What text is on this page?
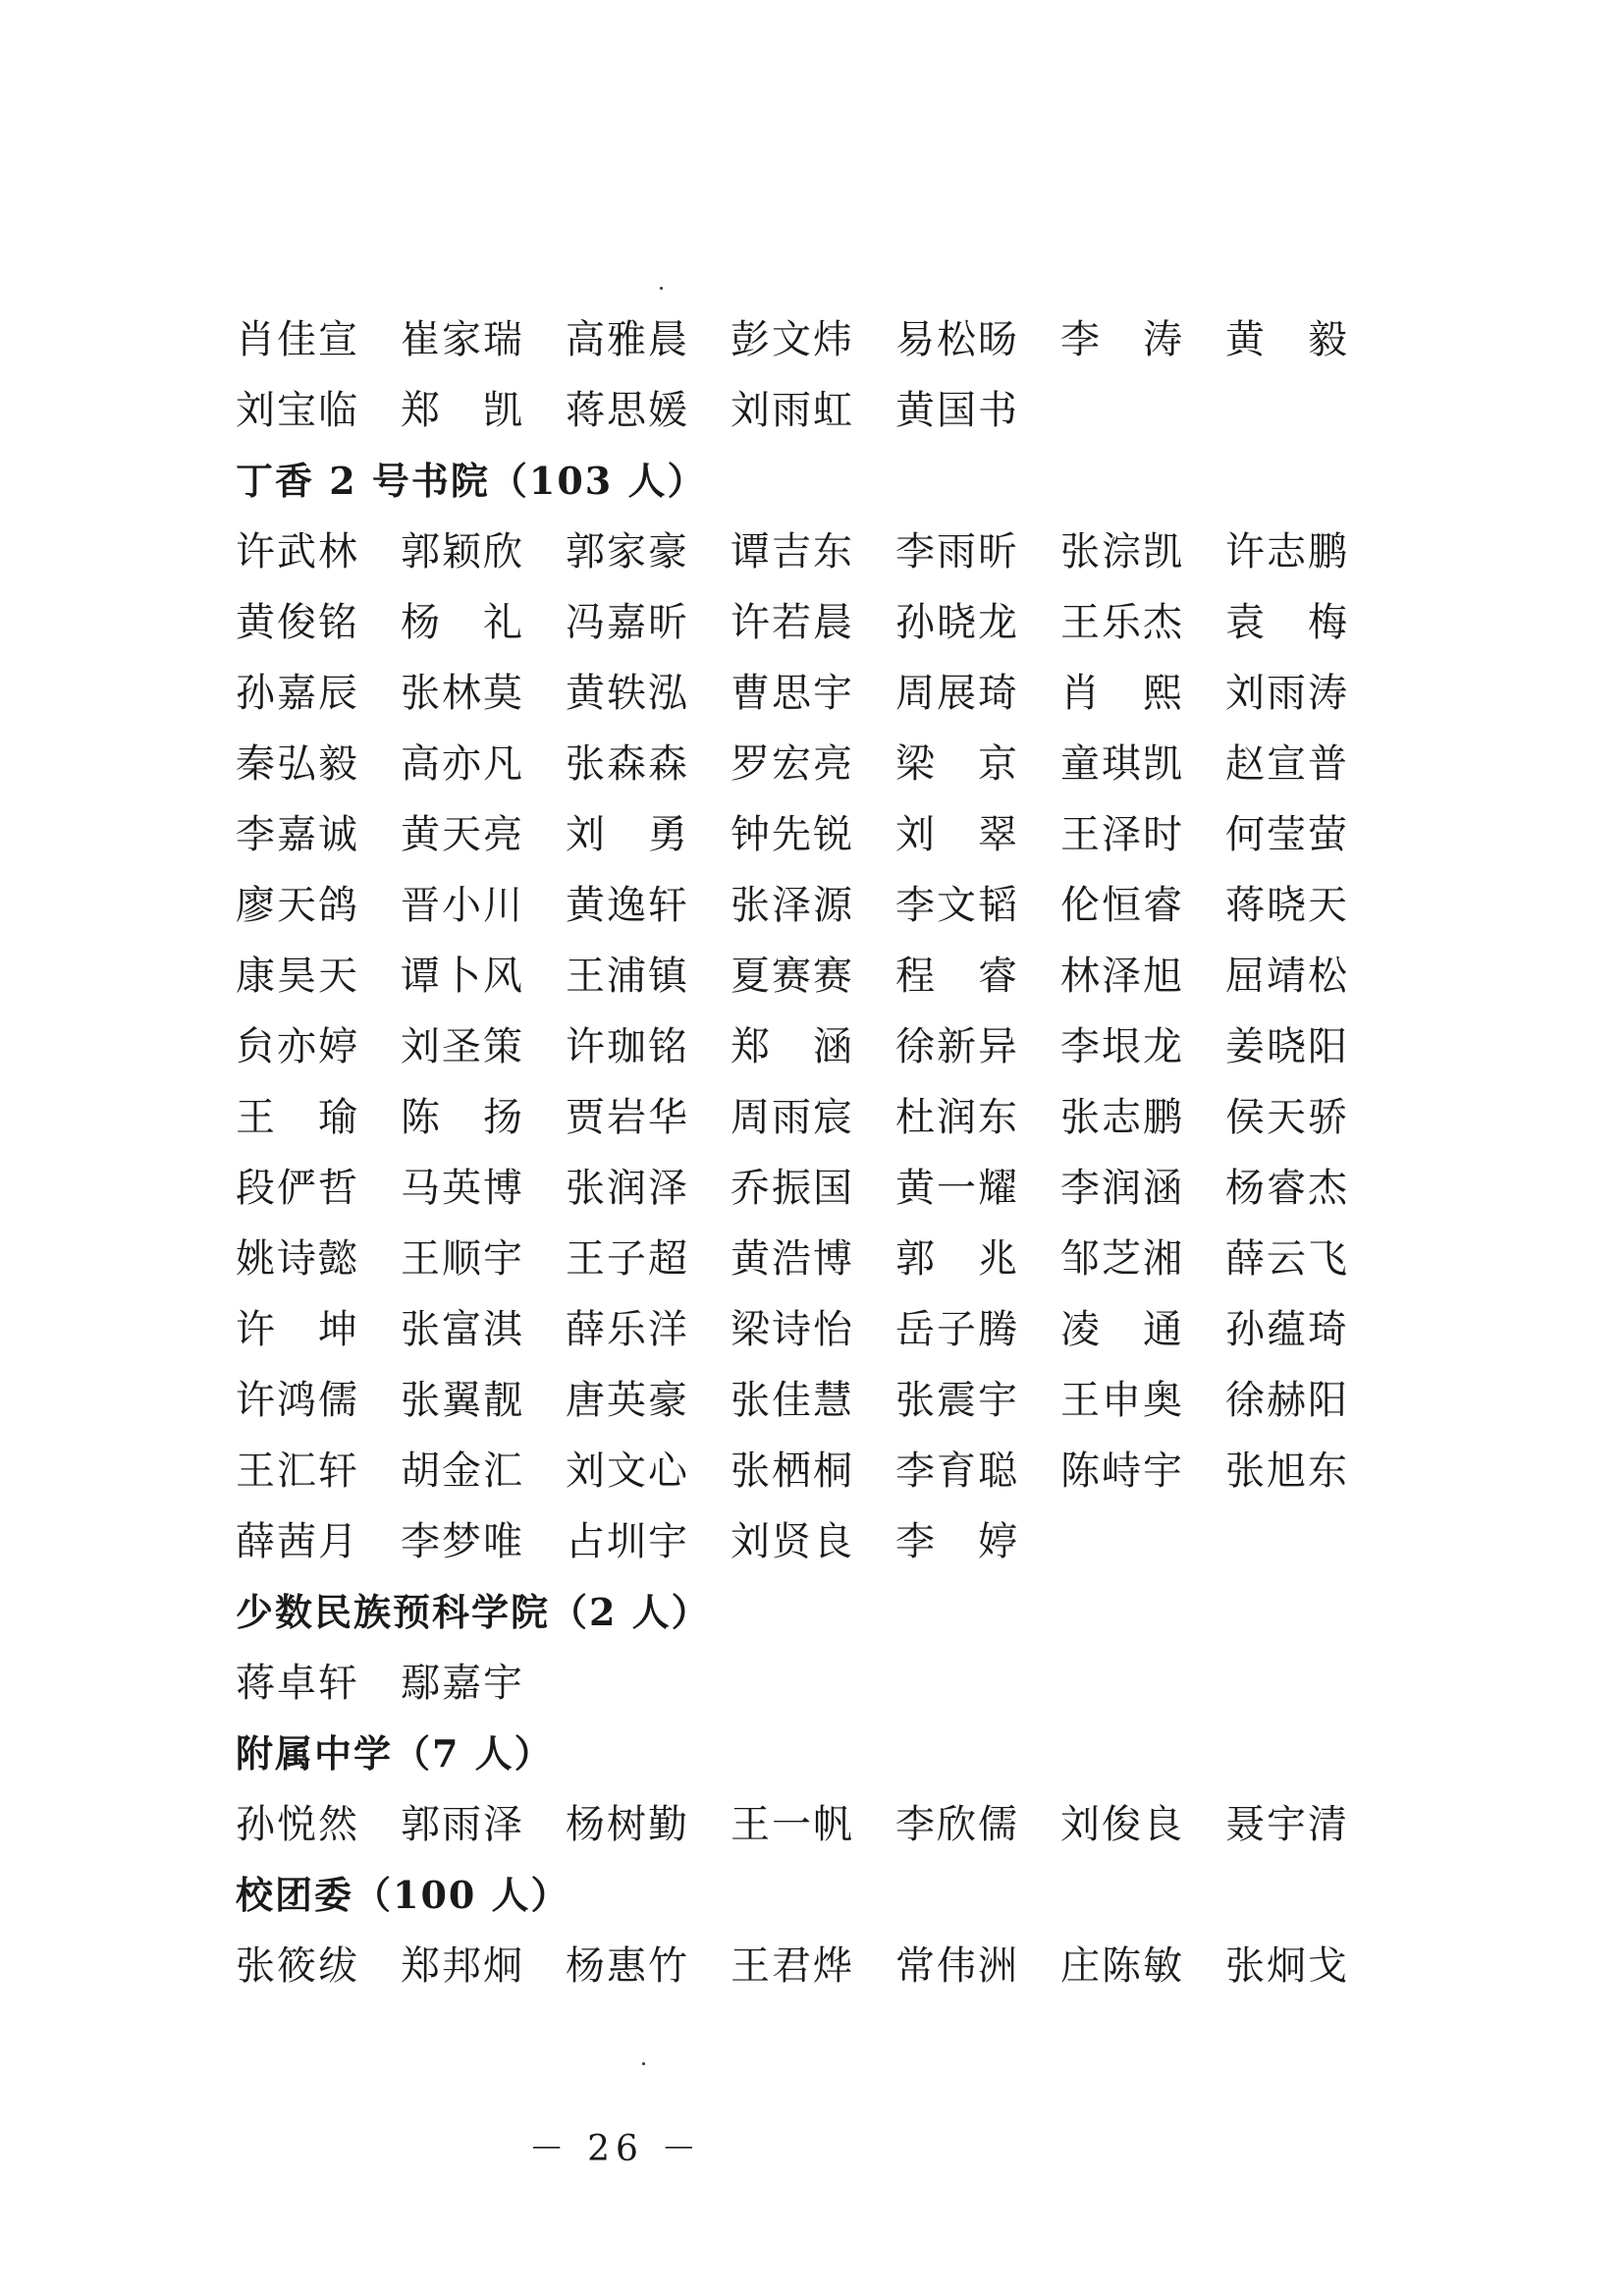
肖佳宣	崔家瑞	高雅晨	彭文炜	易松旸	李　涛	黄　毅
刘宝临	郑　凯	蒋思媛	刘雨虹	黄国书
丁香 2 号书院（103 人）
许武林	郭颖欣	郭家豪	谭吉东	李雨昕	张淙凯	许志鹏
黄俊铭	杨　礼	冯嘉昕	许若晨	孙晓龙	王乐杰	袁　梅
孙嘉辰	张林莫	黄轶泓	曹思宇	周展琦	肖　熙	刘雨涛
秦弘毅	高亦凡	张森森	罗宏亮	梁　京	童琪凯	赵宣普
李嘉诚	黄天亮	刘　勇	钟先锐	刘　翠	王泽时	何莹萤
廖天鸽	晋小川	黄逸轩	张泽源	李文韬	伦恒睿	蒋晓天
康昊天	谭卜风	王浦镇	夏赛赛	程　睿	林泽旭	屈靖松
贠亦婷	刘圣策	许珈铭	郑　涵	徐新异	李垠龙	姜晓阳
王　瑜	陈　扬	贾岩华	周雨宸	杜润东	张志鹏	侯天骄
段俨哲	马英博	张润泽	乔振国	黄一耀	李润涵	杨睿杰
姚诗懿	王顺宇	王子超	黄浩博	郭　兆	邹芝湘	薛云飞
许　坤	张富淇	薛乐洋	梁诗怡	岳子腾	凌　通	孙蕴琦
许鸿儒	张翼靓	唐英豪	张佳慧	张震宇	王申奥	徐赫阳
王汇轩	胡金汇	刘文心	张栖桐	李育聪	陈峙宇	张旭东
薛茜月	李梦唯	占圳宇	刘贤良	李　婷
少数民族预科学院（2 人）
蒋卓轩	鄢嘉宇
附属中学（7 人）
孙悦然	郭雨泽	杨树勤	王一帆	李欣儒	刘俊良	聂宇清
校团委（100 人）
张筱绂	郑邦炯	杨惠竹	王君烨	常伟洲	庄陈敏	张炯戈
－ 26 －
